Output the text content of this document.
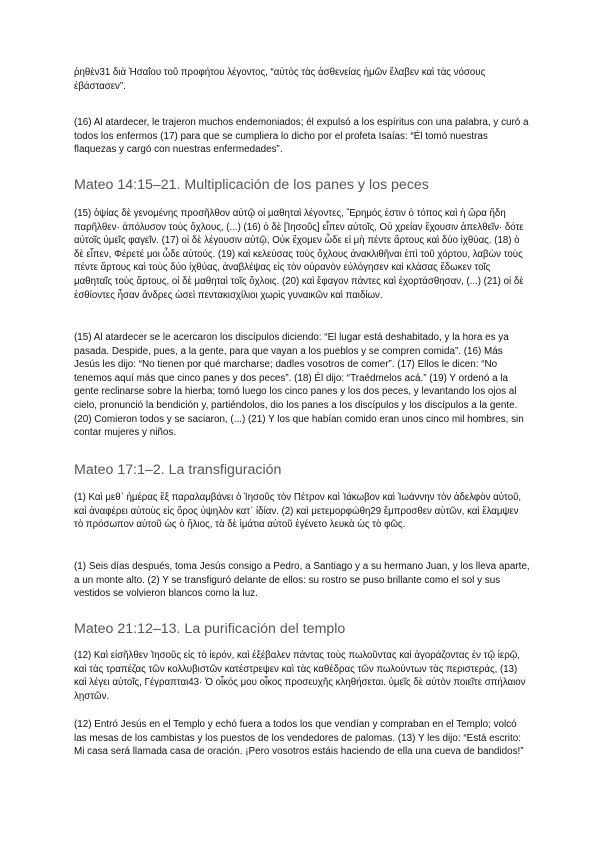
ῥηθὲν31 διὰ Ἠσαΐου τοῦ προφήτου λέγοντος, “αὐτὸς τὰς ἀσθενείας ἡμῶν ἔλαβεν καὶ τὰς νόσους ἐβάστασεν”.

(16) Al atardecer, le trajeron muchos endemoniados; él expulsó a los espíritus con una palabra, y curó a todos los enfermos (17) para que se cumpliera lo dicho por el profeta Isaías: “Él tomó nuestras flaquezas y cargó con nuestras enfermedades”.

Mateo 14:15–21. Multiplicación de los panes y los peces

(15) ὀψίας δὲ γενομένης προσῆλθον αὐτῷ οἱ μαθηταὶ λέγοντες, Ἔρημός ἐστιν ὁ τόπος καὶ ἡ ὥρα ἤδη παρῆλθεν· ἀπόλυσον τοὺς ὄχλους, (...) (16) ὁ δὲ [Ἰησοῦς] εἶπεν αὐτοῖς, Οὐ χρείαν ἔχουσιν ἀπελθεῖν· δότε αὐτοῖς ὑμεῖς φαγεῖν. (17) οἱ δὲ λέγουσιν αὐτῷ, Οὐκ ἔχομεν ὧδε εἰ μὴ πέντε ἄρτους καὶ δύο ἰχθύας. (18) ὁ δὲ εἶπεν, Φέρετέ μοι ὧδε αὐτούς. (19) καὶ κελεύσας τοὺς ὄχλους ἀνακλιθῆναι ἐπὶ τοῦ χόρτου, λαβὼν τοὺς πέντε ἄρτους καὶ τοὺς δύο ἰχθύας, ἀναβλέψας εἰς τὸν οὐρανὸν εὐλόγησεν καὶ κλάσας ἔδωκεν τοῖς μαθηταῖς τοὺς ἄρτους, οἱ δὲ μαθηταὶ τοῖς ὄχλοις. (20) καὶ ἔφαγον πάντες καὶ ἐχορτάσθησαν, (...) (21) οἱ δὲ ἐσθίοντες ἦσαν ἄνδρες ὡσεὶ πεντακισχίλιοι χωρὶς γυναικῶν καὶ παιδίων.

(15) Al atardecer se le acercaron los discípulos diciendo: “El lugar está deshabitado, y la hora es ya pasada. Despide, pues, a la gente, para que vayan a los pueblos y se compren comida”. (16) Más Jesús les dijo: “No tienen por qué marcharse; dadles vosotros de comer”. (17) Ellos le dicen: “No tenemos aquí más que cinco panes y dos peces”. (18) Él dijo: “Traédmelos acá.” (19) Y ordenó a la gente reclinarse sobre la hierba; tomó luego los cinco panes y los dos peces, y levantando los ojos al cielo, pronunció la bendición y, partiéndolos, dio los panes a los discípulos y los discípulos a la gente. (20) Comieron todos y se saciaron, (...) (21) Y los que habían comido eran unos cinco mil hombres, sin contar mujeres y niños.

Mateo 17:1–2. La transfiguración

(1) Καὶ μεθ᾽ ἡμέρας ἓξ παραλαμβάνει ὁ Ἰησοῦς τὸν Πέτρον καὶ Ἰάκωβον καὶ Ἰωάννην τὸν ἀδελφὸν αὐτοῦ, καὶ ἀναφέρει αὐτοὺς εἰς ὄρος ὑψηλὸν κατ᾽ ἰδίαν. (2) καὶ μετεμορφώθη29 ἔμπροσθεν αὐτῶν, καὶ ἔλαμψεν τὸ πρόσωπον αὐτοῦ ὡς ὁ ἥλιος, τὰ δὲ ἱμάτια αὐτοῦ ἐγένετο λευκὰ ὡς τὸ φῶς.

(1) Seis días después, toma Jesús consigo a Pedro, a Santiago y a su hermano Juan, y los lleva aparte, a un monte alto. (2) Y se transfiguró delante de ellos: su rostro se puso brillante como el sol y sus vestidos se volvieron blancos como la luz.

Mateo 21:12–13. La purificación del templo

(12) Καὶ εἰσῆλθεν Ἰησοῦς εἰς τὸ ἱερόν, καὶ ἐξέβαλεν πάντας τοὺς πωλοῦντας καὶ ἀγοράζοντας ἐν τῷ ἱερῷ, καὶ τὰς τραπέζας τῶν κολλυβιστῶν κατέστρεψεν καὶ τὰς καθέδρας τῶν πωλούντων τὰς περιστεράς, (13) καὶ λέγει αὐτοῖς, Γέγραπται43· Ὁ οἶκός μου οἶκος προσευχῆς κληθήσεται. ὑμεῖς δὲ αὐτὸν ποιεῖτε σπήλαιον λῃστῶν.

(12) Entró Jesús en el Templo y echó fuera a todos los que vendían y compraban en el Templo; volcó las mesas de los cambistas y los puestos de los vendedores de palomas. (13) Y les dijo: “Está escrito: Mi casa será llamada casa de oración. ¡Pero vosotros estáis haciendo de ella una cueva de bandidos!”
